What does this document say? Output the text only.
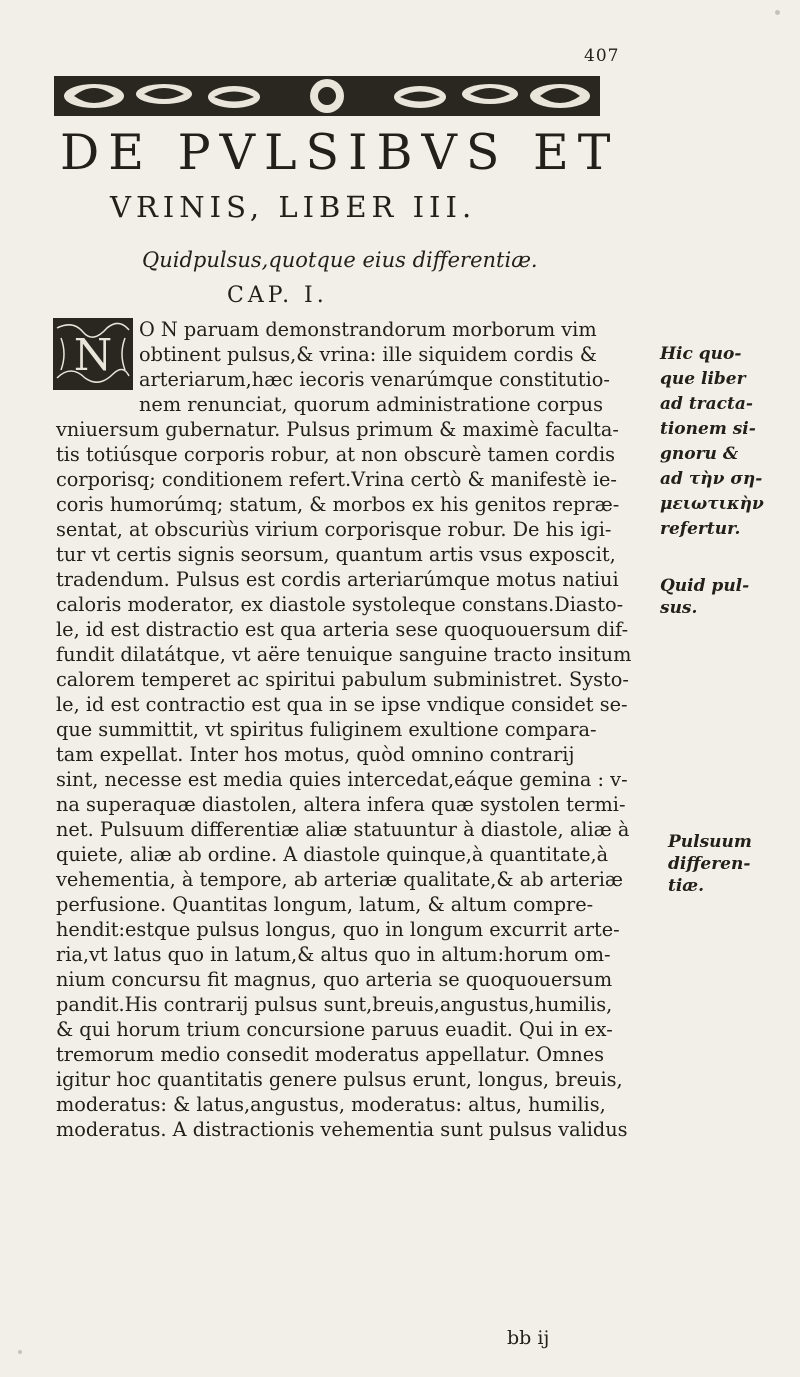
407
DE PVLSIBVS ET
VRINIS, LIBER III.
Quidpulsus,quotque eius differentiæ.
CAP. I.
N
O N paruam demonstrandorum morborum vim
obtinent pulsus,& vrina: ille siquidem cordis &
arteriarum,hæc iecoris venarúmque constitutio-
nem renunciat, quorum administratione corpus
vniuersum gubernatur. Pulsus primum & maximè faculta-
tis totiúsque corporis robur, at non obscurè tamen cordis
corporisq; conditionem refert.Vrina certò & manifestè ie-
coris humorúmq; statum, & morbos ex his genitos repræ-
sentat, at obscuriùs virium corporisque robur. De his igi-
tur vt certis signis seorsum, quantum artis vsus exposcit,
tradendum. Pulsus est cordis arteriarúmque motus natiui
caloris moderator, ex diastole systoleque constans.Diasto-
le, id est distractio est qua arteria sese quoquouersum dif-
fundit dilatátque, vt aëre tenuique sanguine tracto insitum
calorem temperet ac spiritui pabulum subministret. Systo-
le, id est contractio est qua in se ipse vndique considet se-
que summittit, vt spiritus fuliginem exultione compara-
tam expellat. Inter hos motus, quòd omnino contrarij
sint, necesse est media quies intercedat,eáque gemina : v-
na superaquæ diastolen, altera infera quæ systolen termi-
net. Pulsuum differentiæ aliæ statuuntur à diastole, aliæ à
quiete, aliæ ab ordine. A diastole quinque,à quantitate,à
vehementia, à tempore, ab arteriæ qualitate,& ab arteriæ
perfusione. Quantitas longum, latum, & altum compre-
hendit:estque pulsus longus, quo in longum excurrit arte-
ria,vt latus quo in latum,& altus quo in altum:horum om-
nium concursu fit magnus, quo arteria se quoquouersum
pandit.His contrarij pulsus sunt,breuis,angustus,humilis,
& qui horum trium concursione paruus euadit. Qui in ex-
tremorum medio consedit moderatus appellatur. Omnes
igitur hoc quantitatis genere pulsus erunt, longus, breuis,
moderatus: & latus,angustus, moderatus: altus, humilis,
moderatus. A distractionis vehementia sunt pulsus validus
Hic quo-
que liber
ad tracta-
tionem si-
gnoru &
ad τὴν ση-
μειωτικὴν
refertur.
Quid pul-
sus.
Pulsuum
differen-
tiæ.
bb ij
